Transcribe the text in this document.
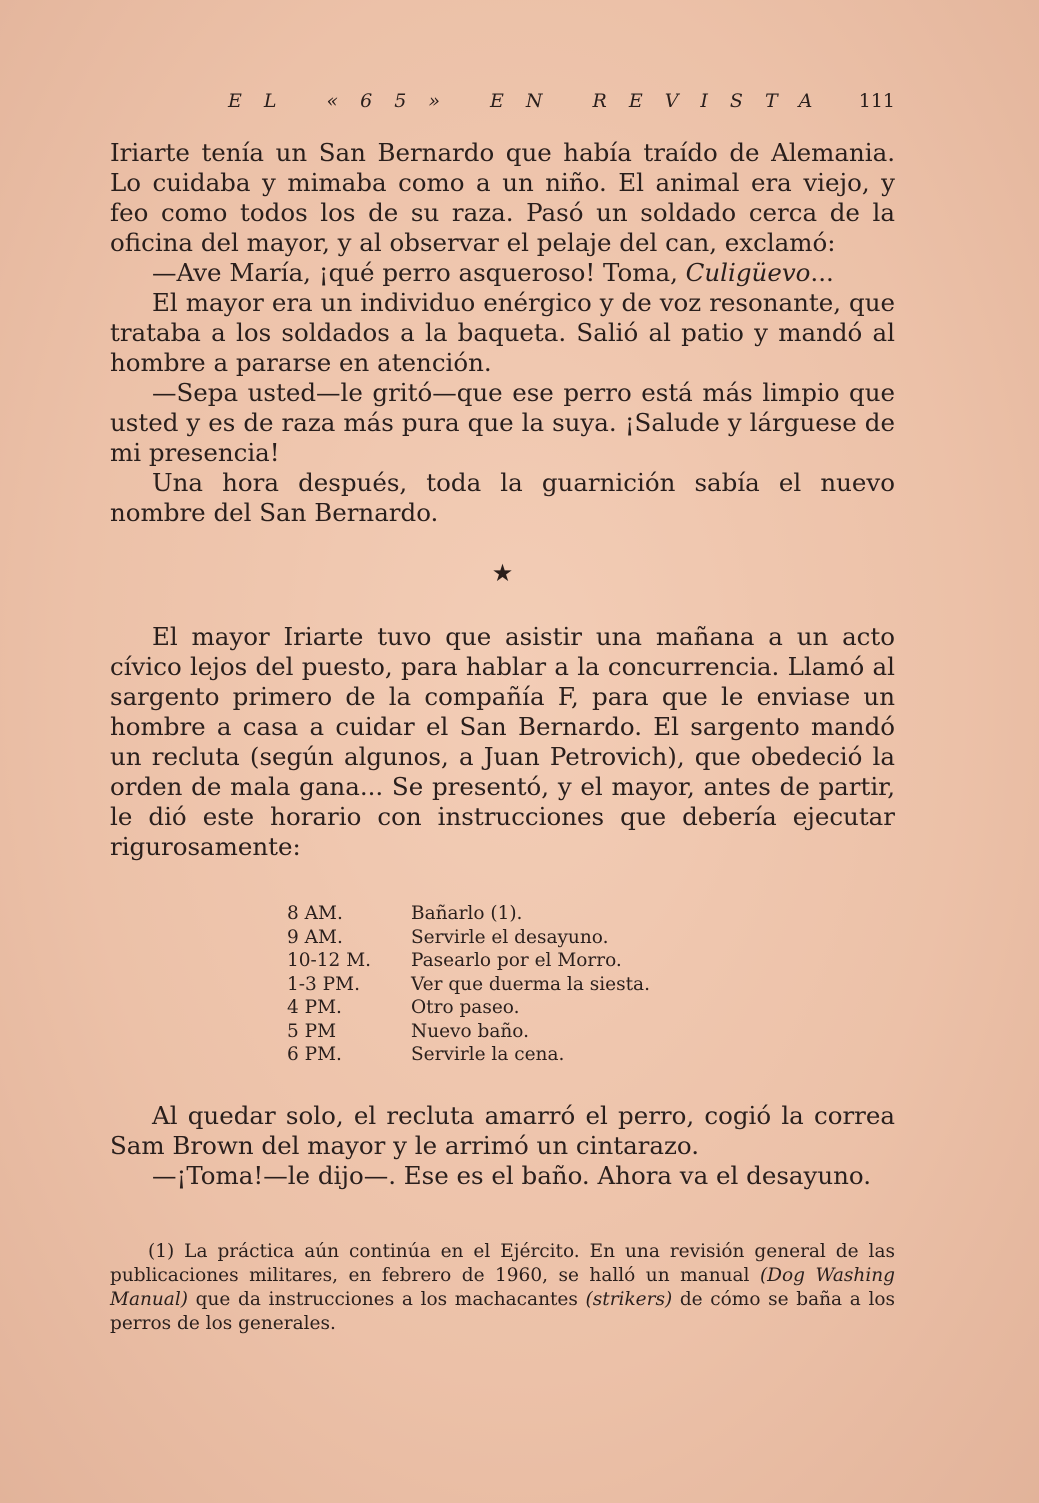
EL «65» EN REVISTA 111

Iriarte tenía un San Bernardo que había traído de Alemania. Lo cuidaba y mimaba como a un niño. El animal era viejo, y feo como todos los de su raza. Pasó un soldado cerca de la oficina del mayor, y al observar el pelaje del can, exclamó:

—Ave María, ¡qué perro asqueroso! Toma, Culigüevo...

El mayor era un individuo enérgico y de voz resonante, que trataba a los soldados a la baqueta. Salió al patio y mandó al hombre a pararse en atención.

—Sepa usted—le gritó—que ese perro está más limpio que usted y es de raza más pura que la suya. ¡Salude y lárguese de mi presencia!

Una hora después, toda la guarnición sabía el nuevo nombre del San Bernardo.

★

El mayor Iriarte tuvo que asistir una mañana a un acto cívico lejos del puesto, para hablar a la concurrencia. Llamó al sargento primero de la compañía F, para que le enviase un hombre a casa a cuidar el San Bernardo. El sargento mandó un recluta (según algunos, a Juan Petrovich), que obedeció la orden de mala gana... Se presentó, y el mayor, antes de partir, le dió este horario con instrucciones que debería ejecutar rigurosamente:

8 AM.	Bañarlo (1).
9 AM.	Servirle el desayuno.
10-12 M.	Pasearlo por el Morro.
1-3 PM.	Ver que duerma la siesta.
4 PM.	Otro paseo.
5 PM	Nuevo baño.
6 PM.	Servirle la cena.

Al quedar solo, el recluta amarró el perro, cogió la correa Sam Brown del mayor y le arrimó un cintarazo.

—¡Toma!—le dijo—. Ese es el baño. Ahora va el desayuno.

(1) La práctica aún continúa en el Ejército. En una revisión general de las publicaciones militares, en febrero de 1960, se halló un manual (Dog Washing Manual) que da instrucciones a los machacantes (strikers) de cómo se baña a los perros de los generales.
